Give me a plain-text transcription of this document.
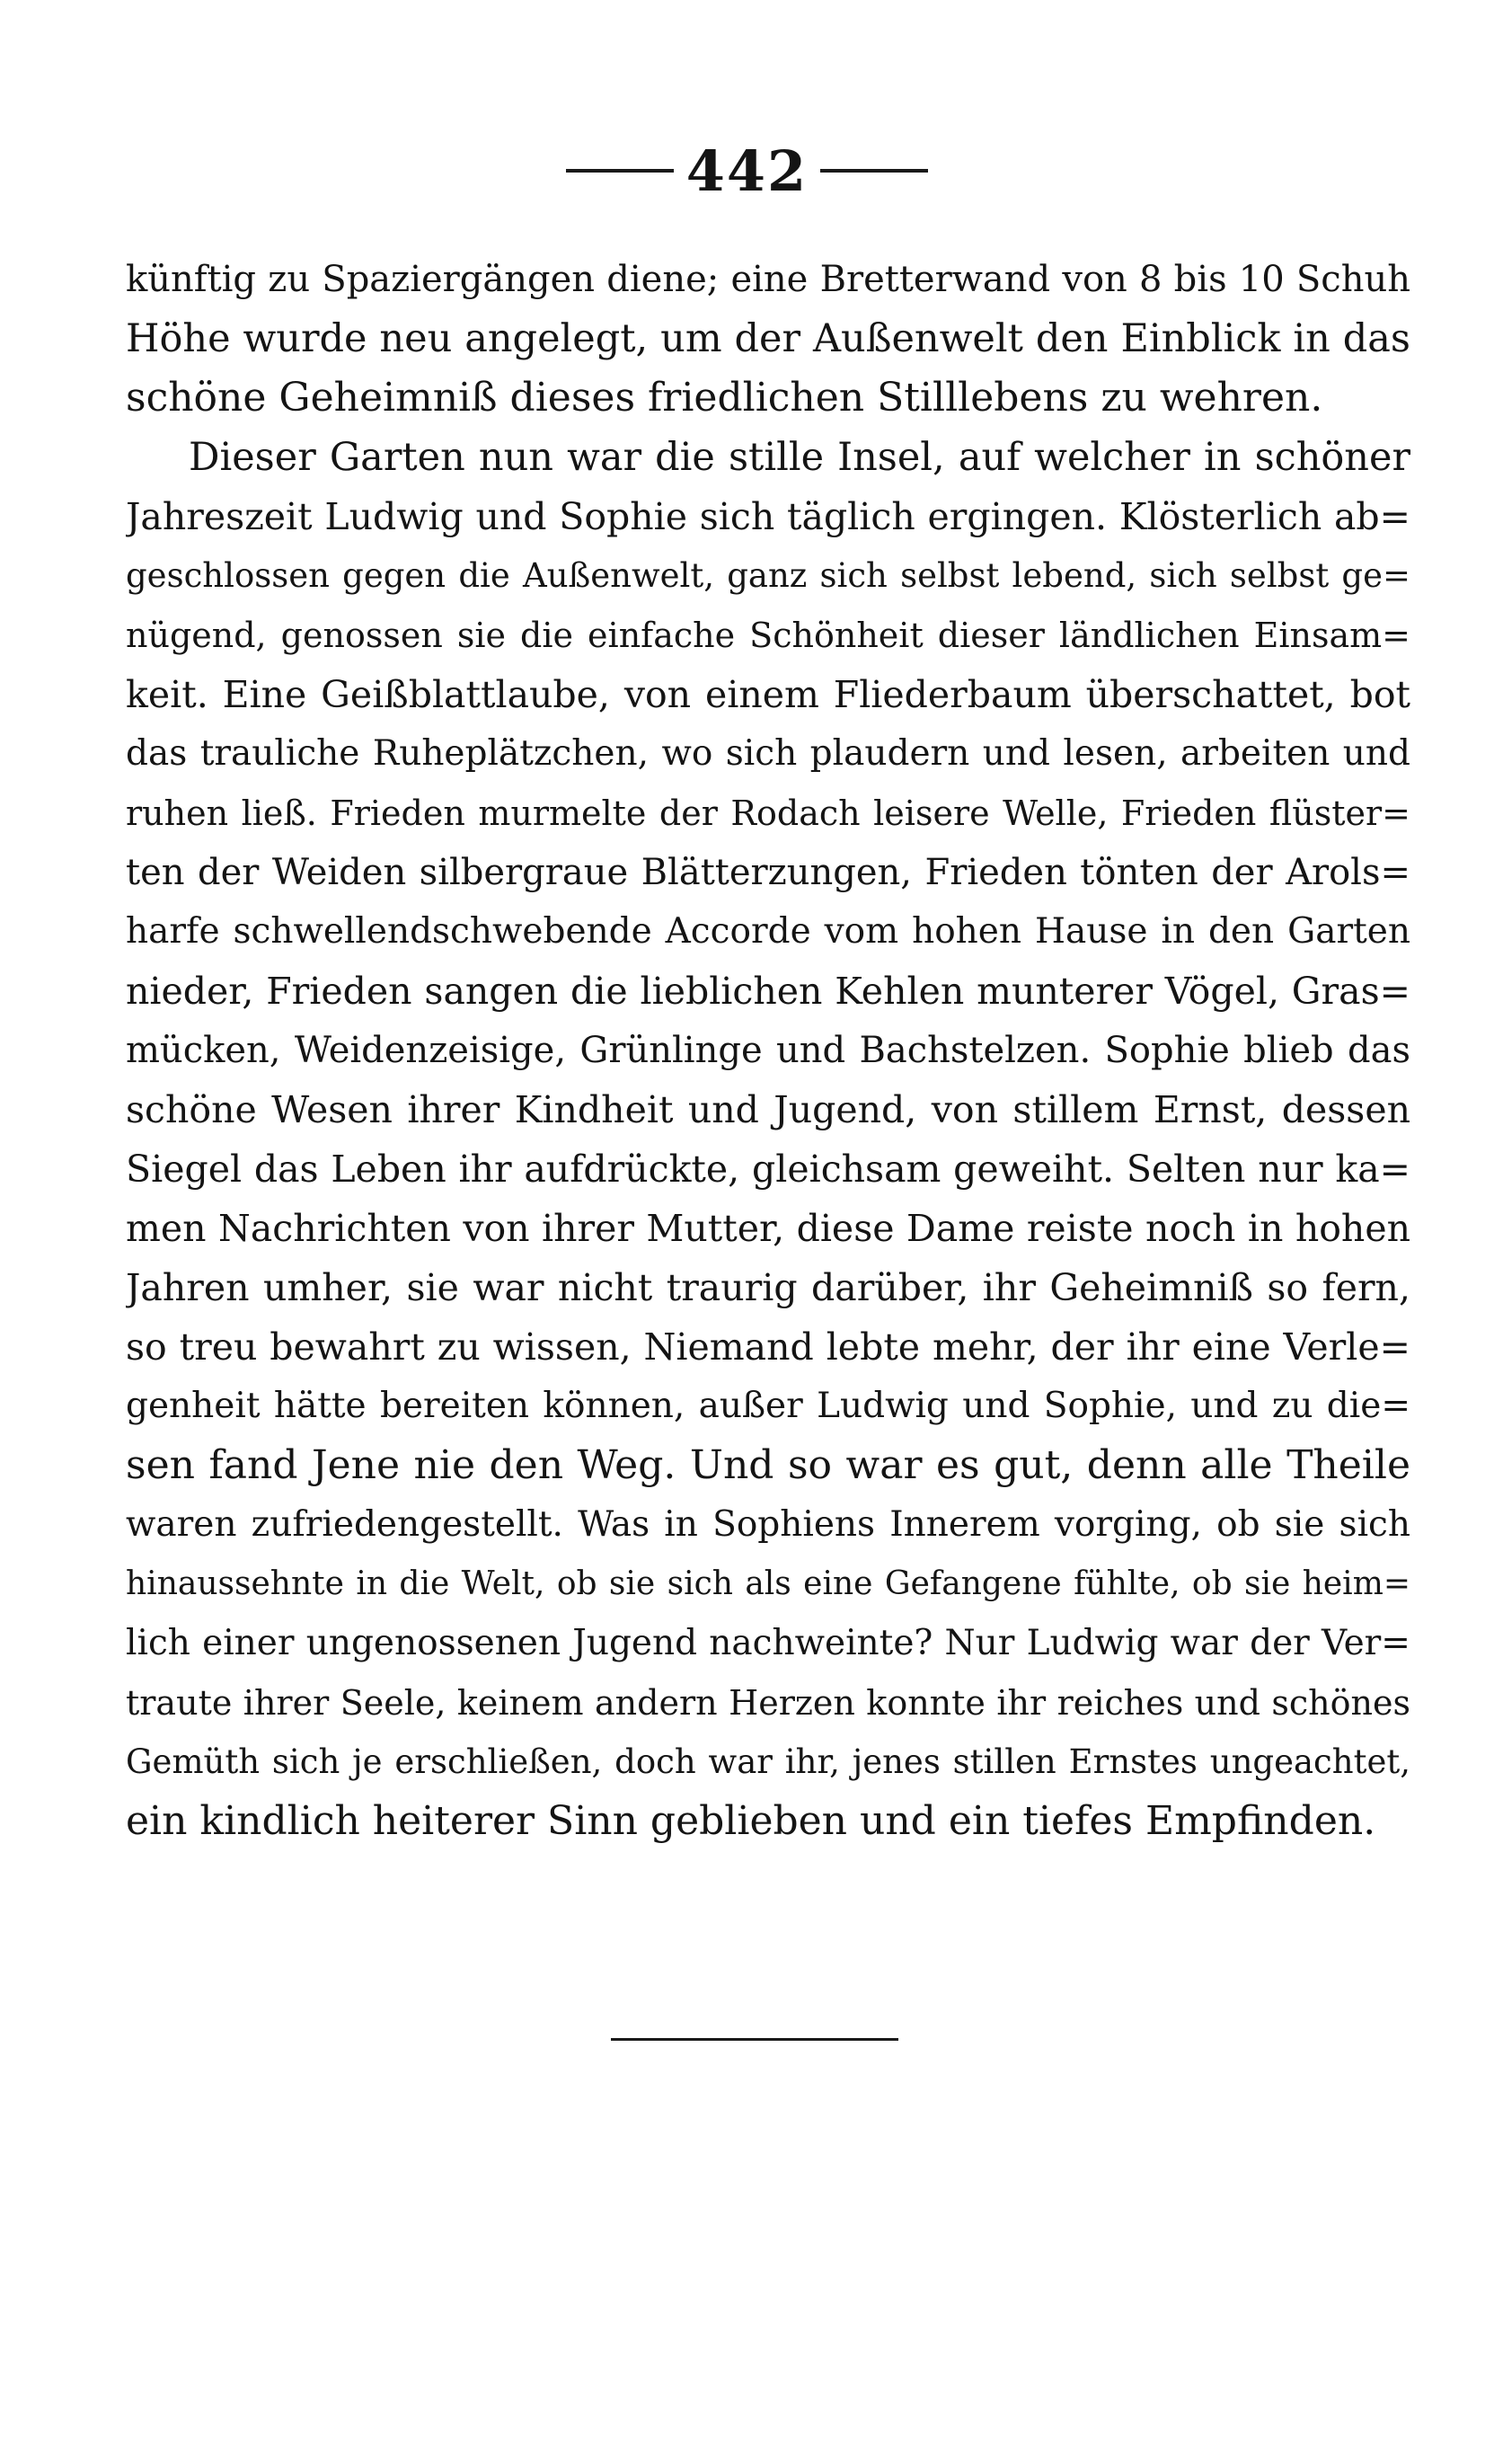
442
künftig zu Spaziergängen diene; eine Bretterwand von 8 bis 10 Schuh
Höhe wurde neu angelegt, um der Außenwelt den Einblick in das
schöne Geheimniß dieses friedlichen Stilllebens zu wehren.
Dieser Garten nun war die stille Insel, auf welcher in schöner
Jahreszeit Ludwig und Sophie sich täglich ergingen. Klösterlich ab=
geschlossen gegen die Außenwelt, ganz sich selbst lebend, sich selbst ge=
nügend, genossen sie die einfache Schönheit dieser ländlichen Einsam=
keit. Eine Geißblattlaube, von einem Fliederbaum überschattet, bot
das trauliche Ruheplätzchen, wo sich plaudern und lesen, arbeiten und
ruhen ließ. Frieden murmelte der Rodach leisere Welle, Frieden flüster=
ten der Weiden silbergraue Blätterzungen, Frieden tönten der Arols=
harfe schwellendschwebende Accorde vom hohen Hause in den Garten
nieder, Frieden sangen die lieblichen Kehlen munterer Vögel, Gras=
mücken, Weidenzeisige, Grünlinge und Bachstelzen. Sophie blieb das
schöne Wesen ihrer Kindheit und Jugend, von stillem Ernst, dessen
Siegel das Leben ihr aufdrückte, gleichsam geweiht. Selten nur ka=
men Nachrichten von ihrer Mutter, diese Dame reiste noch in hohen
Jahren umher, sie war nicht traurig darüber, ihr Geheimniß so fern,
so treu bewahrt zu wissen, Niemand lebte mehr, der ihr eine Verle=
genheit hätte bereiten können, außer Ludwig und Sophie, und zu die=
sen fand Jene nie den Weg. Und so war es gut, denn alle Theile
waren zufriedengestellt. Was in Sophiens Innerem vorging, ob sie sich
hinaussehnte in die Welt, ob sie sich als eine Gefangene fühlte, ob sie heim=
lich einer ungenossenen Jugend nachweinte? Nur Ludwig war der Ver=
traute ihrer Seele, keinem andern Herzen konnte ihr reiches und schönes
Gemüth sich je erschließen, doch war ihr, jenes stillen Ernstes ungeachtet,
ein kindlich heiterer Sinn geblieben und ein tiefes Empfinden.
